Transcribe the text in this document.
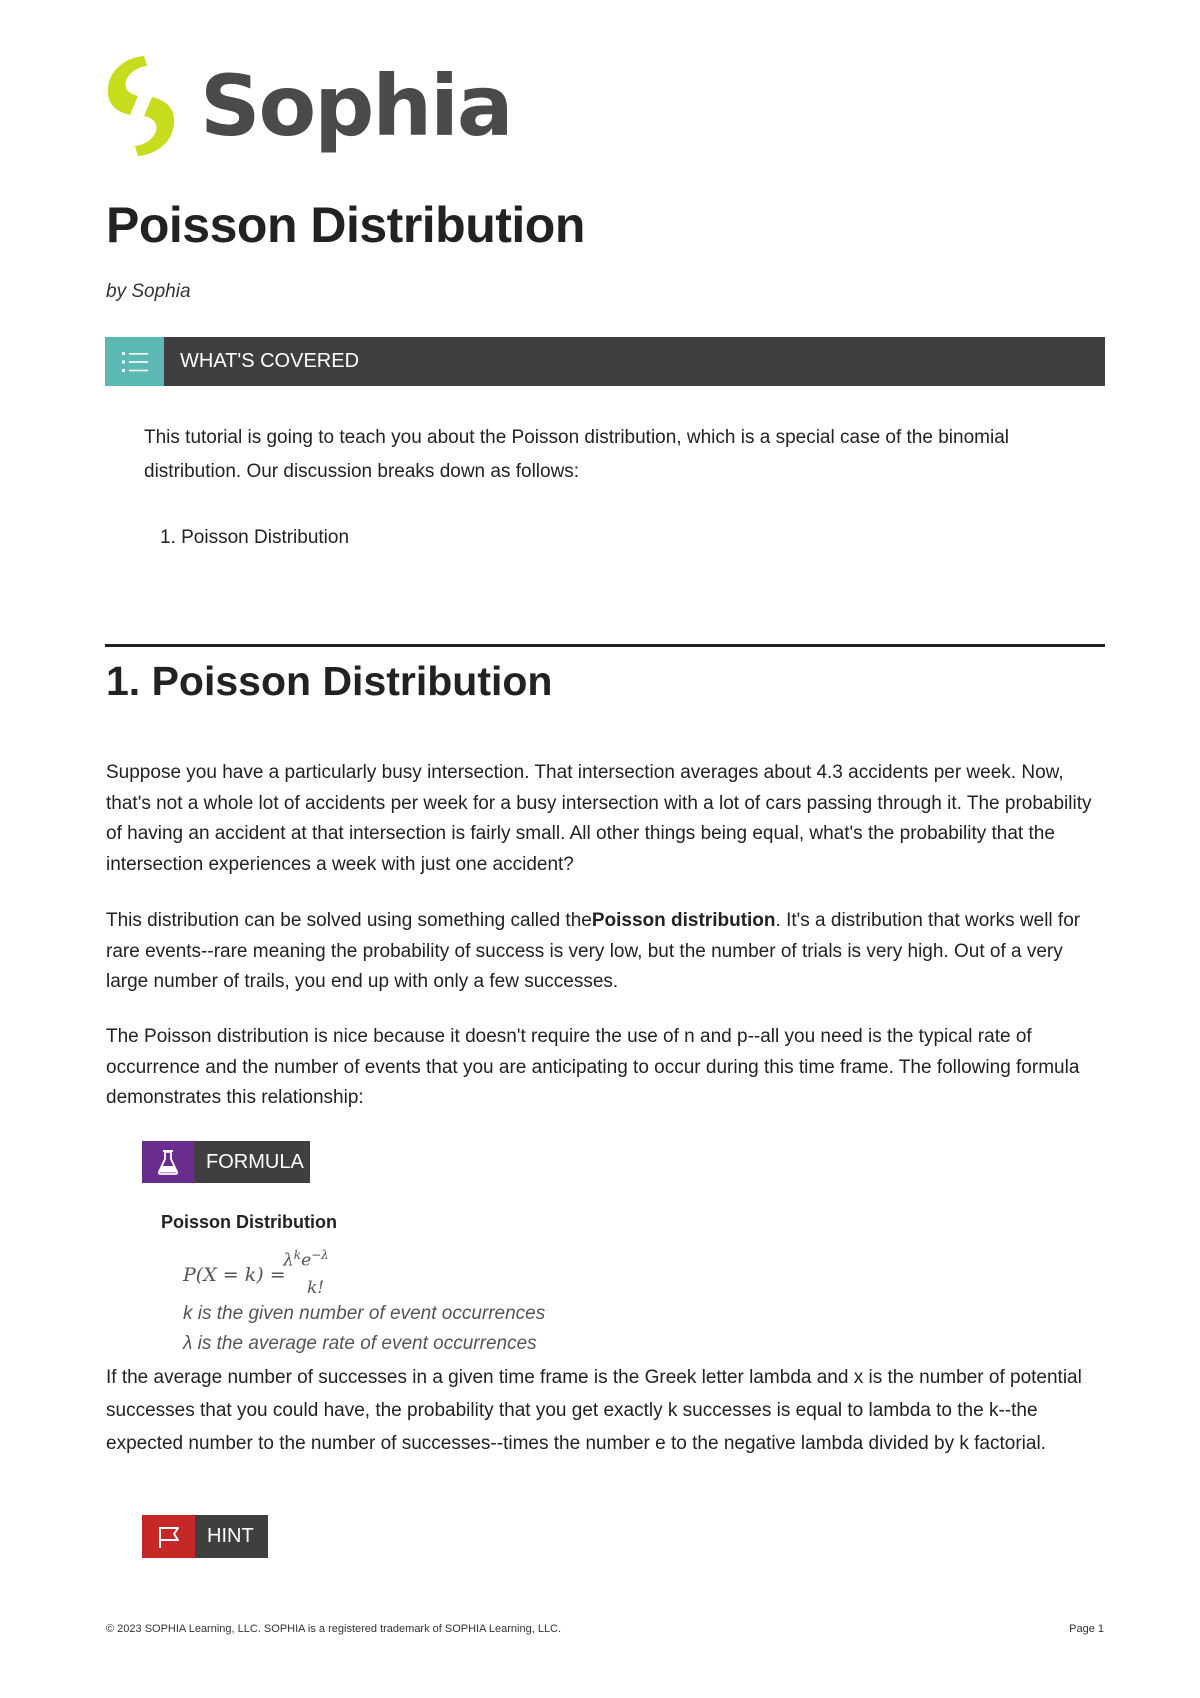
Sophia
Poisson Distribution
by Sophia
WHAT'S COVERED

This tutorial is going to teach you about the Poisson distribution, which is a special case of the binomial distribution. Our discussion breaks down as follows:

1. Poisson Distribution
1. Poisson Distribution

Suppose you have a particularly busy intersection. That intersection averages about 4.3 accidents per week. Now, that's not a whole lot of accidents per week for a busy intersection with a lot of cars passing through it. The probability of having an accident at that intersection is fairly small. All other things being equal, what's the probability that the intersection experiences a week with just one accident?

This distribution can be solved using something called thePoisson distribution. It's a distribution that works well for rare events--rare meaning the probability of success is very low, but the number of trials is very high. Out of a very large number of trails, you end up with only a few successes.

The Poisson distribution is nice because it doesn't require the use of n and p--all you need is the typical rate of occurrence and the number of events that you are anticipating to occur during this time frame. The following formula demonstrates this relationship:

FORMULA
Poisson Distribution
P(X = k) =
$\lambda^ke^{-\lambda}$
k!
k is the given number of event occurrences
λ is the average rate of event occurrences

If the average number of successes in a given time frame is the Greek letter lambda and x is the number of potential successes that you could have, the probability that you get exactly k successes is equal to lambda to the k--the expected number to the number of successes--times the number e to the negative lambda divided by k factorial.

HINT
© 2023 SOPHIA Learning, LLC. SOPHIA is a registered trademark of SOPHIA Learning, LLC.	Page 1
